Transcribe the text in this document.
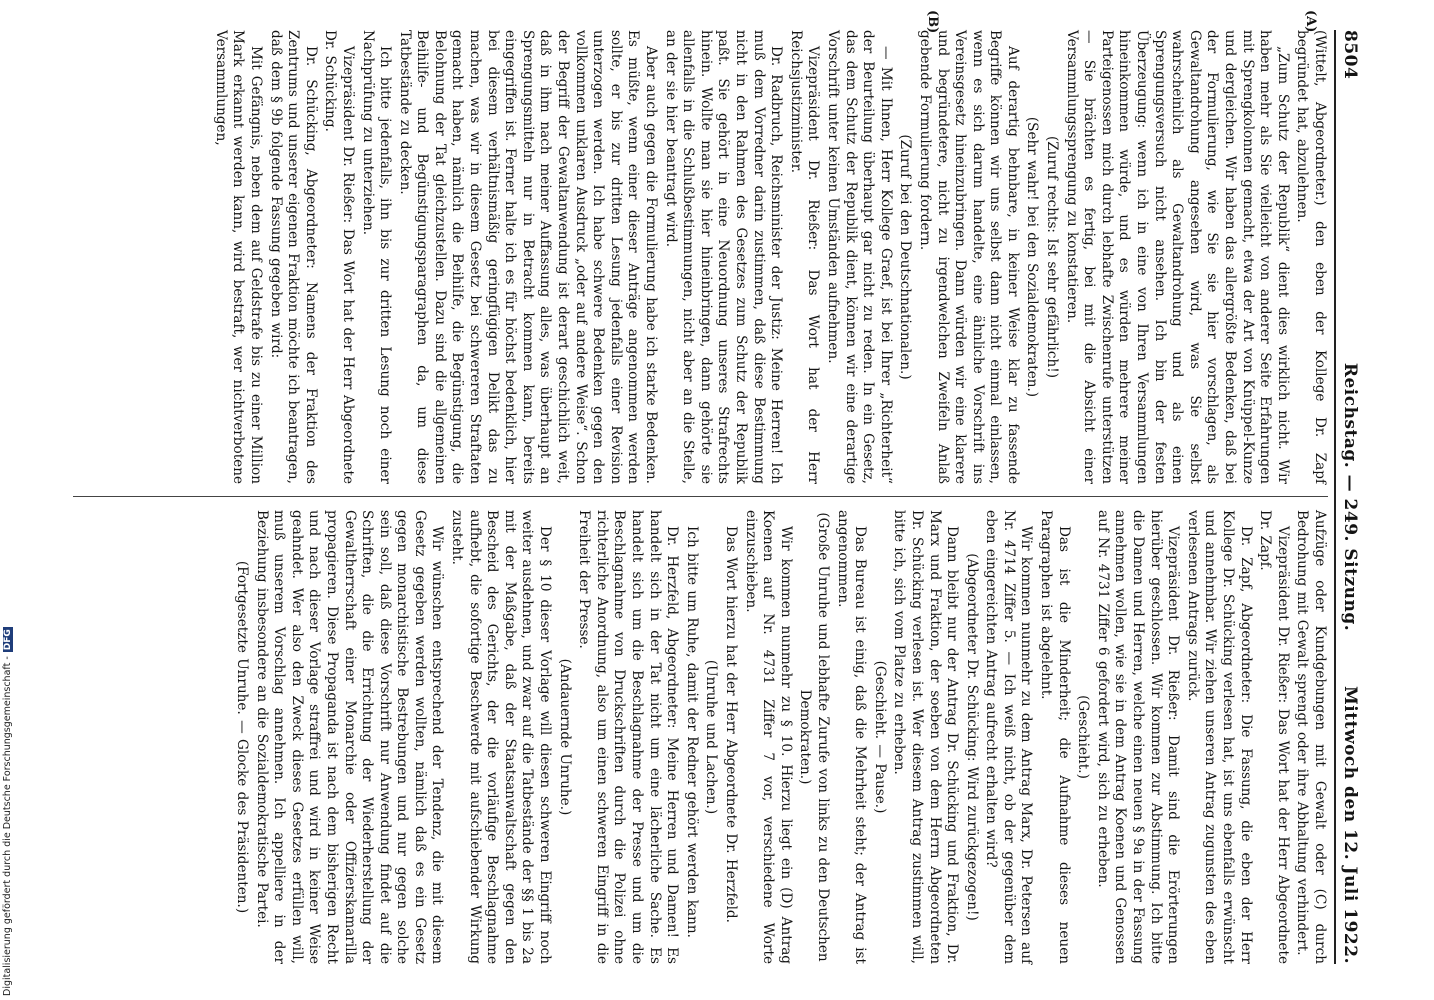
8504
Reichstag. — 249. Sitzung.
Mittwoch den 12. Juli 1922.
(A)
(B)

(Wittelt, Abgeordneter.) den eben der Kollege Dr. Zapf begründet hat, abzulehnen.

„Zum Schutz der Republik“ dient dies wirklich nicht. Wir haben mehr als Sie vielleicht von anderer Seite Erfahrungen mit Sprengkolonnen gemacht, etwa der Art von Knüppel-Kunze und dergleichen. Wir haben das allergrößte Bedenken, daß bei der Formulierung, wie Sie sie hier vorschlagen, als Gewaltandrohung angesehen wird, was Sie selbst wahrscheinlich als Gewaltandrohung und als einen Sprengungsversuch nicht ansehen. Ich bin der festen Überzeugung: wenn ich in eine von Ihren Versammlungen hineinkommen würde, und es würden mehrere meiner Parteigenossen mich durch lebhafte Zwischenrufe unterstützen — Sie brächten es fertig, bei mit die Absicht einer Versammlungssprengung zu konstatieren.

(Zuruf rechts: Ist sehr gefährlich!)

(Sehr wahr! bei den Sozialdemokraten.)

Auf derartig behnbare, in keiner Weise klar zu fassende Begriffe können wir uns selbst dann nicht einmal einlassen, wenn es sich darum handelte, eine ähnliche Vorschrift ins Vereinsgesetz hineinzubringen. Dann würden wir eine klarere und begründetere, nicht zu irgendwelchen Zweifeln Anlaß gebende Formulierung fordern.

(Zuruf bei den Deutschnationalen.)

— Mit Ihnen, Herr Kollege Graef, ist bei Ihrer „Richterheit“ der Beurteilung überhaupt gar nicht zu reden. In ein Gesetz, das dem Schutz der Republik dient, können wir eine derartige Vorschrift unter keinen Umständen aufnehmen.

Vizepräsident Dr. Rießer: Das Wort hat der Herr Reichsjustizminister.

Dr. Radbruch, Reichsminister der Justiz: Meine Herren! Ich muß dem Vorredner darin zustimmen, daß diese Bestimmung nicht in den Rahmen des Gesetzes zum Schutz der Republik paßt. Sie gehört in eine Neuordnung unseres Strafrechts hinein. Wollte man sie hier hineinbringen, dann gehörte sie allenfalls in die Schlußbestimmungen, nicht aber an die Stelle, an der sie hier beantragt wird.

Aber auch gegen die Formulierung habe ich starke Bedenken. Es müßte, wenn einer dieser Anträge angenommen werden sollte, er bis zur dritten Lesung jedenfalls einer Revision unterzogen werden. Ich habe schwere Bedenken gegen den vollkommen unklaren Ausdruck „oder auf andere Weise“. Schon der Begriff der Gewaltanwendung ist derart geschichlich weit, daß in ihm nach meiner Auffassung alles, was überhaupt an Sprengungsmitteln nur in Betracht kommen kann, bereits eingegriffen ist. Ferner halte ich es für höchst bedenklich, hier bei diesem verhältnismäßig geringfügigen Delikt das zu machen, was wir in diesem Gesetz bei schwereren Straftaten gemacht haben, nämlich die Beihilfe, die Begünstigung, die Belohnung der Tat gleichzustellen. Dazu sind die allgemeinen Beihilfe- und Begünstigungsparagraphen da, um diese Tatbestände zu decken.

Ich bitte jedenfalls, ihn bis zur dritten Lesung noch einer Nachprüfung zu unterziehen.

Vizepräsident Dr. Rießer: Das Wort hat der Herr Abgeordnete Dr. Schücking.

Dr. Schücking, Abgeordneter: Namens der Fraktion des Zentrums und unserer eigenen Fraktion möchte ich beantragen, daß dem § 9b folgende Fassung gegeben wird:

Mit Gefängnis, neben dem auf Geldstrafe bis zu einer Million Mark erkannt werden kann, wird bestraft, wer nichtverbotene Versammlungen,

Aufzüge oder Kundgebungen mit Gewalt oder (C) durch Bedrohung mit Gewalt sprengt oder ihre Abhaltung verhindert.

Vizepräsident Dr. Rießer: Das Wort hat der Herr Abgeordnete Dr. Zapf.

Dr. Zapf, Abgeordneter: Die Fassung, die eben der Herr Kollege Dr. Schücking verlesen hat, ist uns ebenfalls erwünscht und annehmbar. Wir ziehen unseren Antrag zugunsten des eben verlesenen Antrags zurück.

Vizepräsident Dr. Rießer: Damit sind die Erörterungen hierüber geschlossen. Wir kommen zur Abstimmung. Ich bitte die Damen und Herren, welche einen neuen § 9a in der Fassung annehmen wollen, wie sie in dem Antrag Koenen und Genossen auf Nr. 4731 Ziffer 6 gefordert wird, sich zu erheben.

(Geschieht.)

Das ist die Minderheit; die Aufnahme dieses neuen Paragraphen ist abgelehnt.

Wir kommen nunmehr zu dem Antrag Marx, Dr. Petersen auf Nr. 4714 Ziffer 5. — Ich weiß nicht, ob der gegenüber dem eben eingereichten Antrag aufrecht erhalten wird?

(Abgeordneter Dr. Schücking: Wird zurückgezogen!)

Dann bleibt nur der Antrag Dr. Schücking und Fraktion, Dr. Marx und Fraktion, der soeben von dem Herrn Abgeordneten Dr. Schücking verlesen ist. Wer diesem Antrag zustimmen will, bitte ich, sich vom Platze zu erheben.

(Geschieht. — Pause.)

Das Bureau ist einig, daß die Mehrheit steht; der Antrag ist angenommen.

(Große Unruhe und lebhafte Zurufe von links zu den Deutschen Demokraten.)

Wir kommen nunmehr zu § 10. Hierzu liegt ein (D) Antrag Koenen auf Nr. 4731 Ziffer 7 vor, verschiedene Worte einzuschieben.

Das Wort hierzu hat der Herr Abgeordnete Dr. Herzfeld.

(Unruhe und Lachen.)

Ich bitte um Ruhe, damit der Redner gehört werden kann.

Dr. Herzfeld, Abgeordneter: Meine Herren und Damen! Es handelt sich in der Tat nicht um eine lächerliche Sache. Es handelt sich um die Beschlagnahme der Presse und um die Beschlagnahme von Druckschriften durch die Polizei ohne richterliche Anordnung, also um einen schweren Eingriff in die Freiheit der Presse.

(Andauernde Unruhe.)

Der § 10 dieser Vorlage will diesen schweren Eingriff noch weiter ausdehnen, und zwar auf die Tatbestände der §§ 1 bis 2a mit der Maßgabe, daß der Staatsanwaltschaft gegen den Bescheid des Gerichts, der die vorläufige Beschlagnahme aufhebt, die sofortige Beschwerde mit aufschiebender Wirkung zusteht.

Wir wünschen entsprechend der Tendenz, die mit diesem Gesetz gegeben werden wollten, nämlich daß es ein Gesetz gegen monarchistische Bestrebungen und nur gegen solche sein soll, daß diese Vorschrift nur Anwendung findet auf die Schriften, die die Errichtung der Wiederherstellung der Gewaltherrschaft einer Monarchie oder Offizierskamarilla propagieren. Diese Propaganda ist nach dem bisherigen Recht und nach dieser Vorlage straffrei und wird in keiner Weise geahndet. Wer also den Zweck dieses Gesetzes erfüllen will, muß unserem Vorschlag annehmen. Ich appelliere in der Beziehung insbesondere an die Sozialdemokratische Partei.

(Fortgesetzte Unruhe. — Glocke des Präsidenten.)

Digitalisierung gefördert durch die Deutsche Forschungsgemeinschaft -DFG
